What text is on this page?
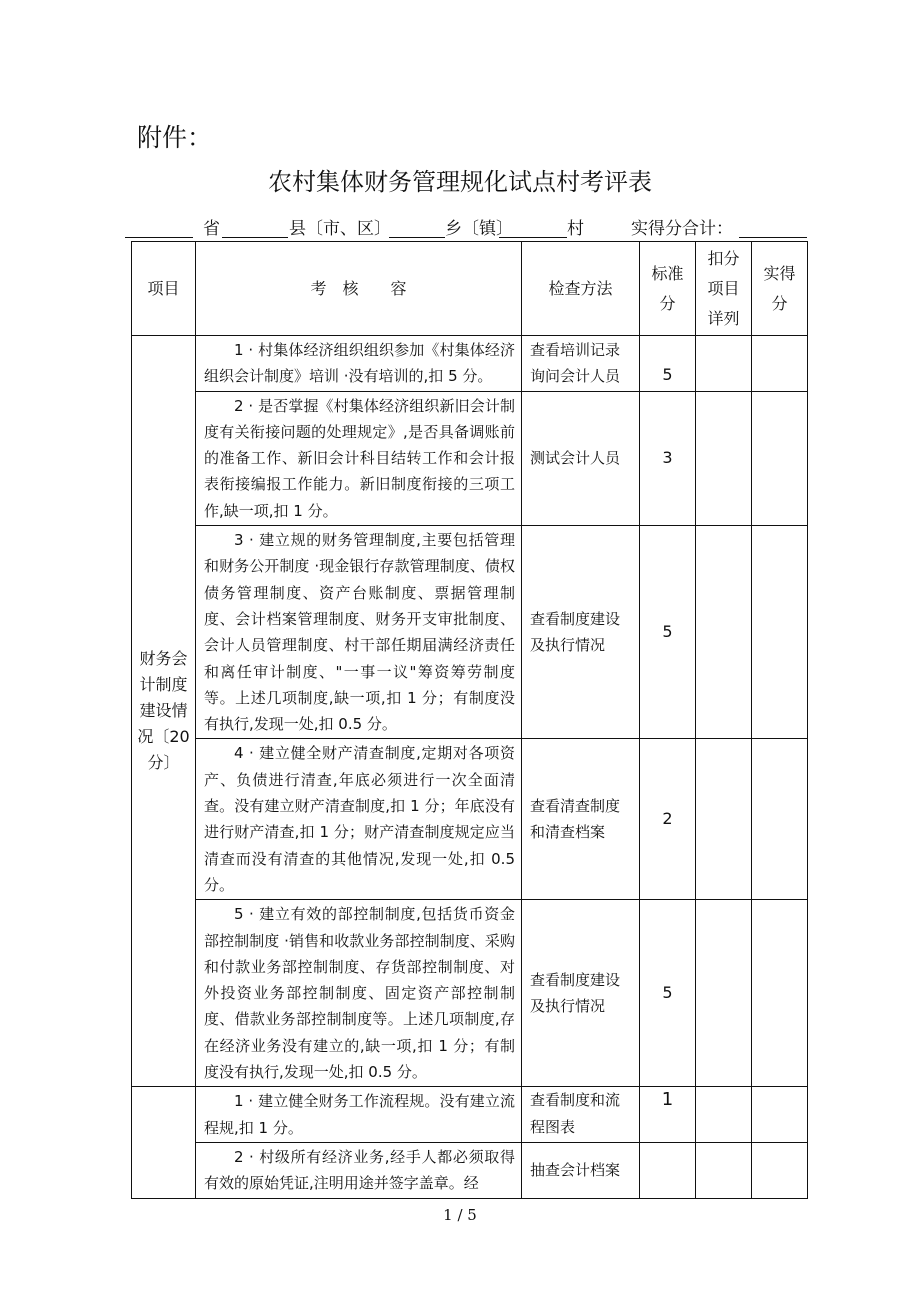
附件：
农村集体财务管理规化试点村考评表
省	县〔市、区〕	乡〔镇〕	村	实得分合计：
项目	考　核　　容	检查方法	标准分	扣分项目详列	实得分
财务会计制度建设情况〔20分〕	1 · 村集体经济组织组织参加《村集体经济组织会计制度》培训 ·没有培训的,扣 5 分。	查看培训记录询问会计人员	5		
	2 · 是否掌握《村集体经济组织新旧会计制度有关衔接问题的处理规定》,是否具备调账前的准备工作、新旧会计科目结转工作和会计报表衔接编报工作能力。新旧制度衔接的三项工作,缺一项,扣 1 分。	测试会计人员	3		
	3 · 建立规的财务管理制度,主要包括管理和财务公开制度 ·现金银行存款管理制度、债权债务管理制度、资产台账制度、票据管理制度、会计档案管理制度、财务开支审批制度、会计人员管理制度、村干部任期届满经济责任和离任审计制度、"一事一议"筹资筹劳制度等。上述几项制度,缺一项,扣 1 分；有制度没有执行,发现一处,扣 0.5 分。	查看制度建设及执行情况	5		
	4 · 建立健全财产清查制度,定期对各项资产、负债进行清查,年底必须进行一次全面清查。没有建立财产清查制度,扣 1 分；年底没有进行财产清查,扣 1 分；财产清查制度规定应当清查而没有清查的其他情况,发现一处,扣 0.5 分。	查看清查制度和清查档案	2		
	5 · 建立有效的部控制制度,包括货币资金部控制制度 ·销售和收款业务部控制制度、采购和付款业务部控制制度、存货部控制制度、对外投资业务部控制制度、固定资产部控制制度、借款业务部控制制度等。上述几项制度,存在经济业务没有建立的,缺一项,扣 1 分；有制度没有执行,发现一处,扣 0.5 分。	查看制度建设及执行情况	5		
	1 · 建立健全财务工作流程规。没有建立流程规,扣 1 分。	查看制度和流程图表	1		

	2 · 村级所有经济业务,经手人都必须取得有效的原始凭证,注明用途并签字盖章。经	抽查会计档案			
1 / 5
